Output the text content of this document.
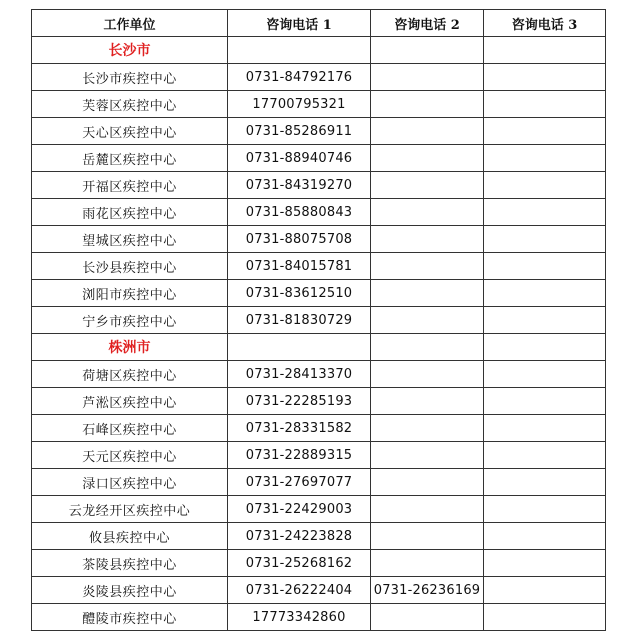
工作单位	咨询电话 1	咨询电话 2	咨询电话 3
长沙市			
长沙市疾控中心	0731-84792176		
芙蓉区疾控中心	17700795321		
天心区疾控中心	0731-85286911		
岳麓区疾控中心	0731-88940746		
开福区疾控中心	0731-84319270		
雨花区疾控中心	0731-85880843		
望城区疾控中心	0731-88075708		
长沙县疾控中心	0731-84015781		
浏阳市疾控中心	0731-83612510		
宁乡市疾控中心	0731-81830729		
株洲市			
荷塘区疾控中心	0731-28413370		
芦淞区疾控中心	0731-22285193		
石峰区疾控中心	0731-28331582		
天元区疾控中心	0731-22889315		
渌口区疾控中心	0731-27697077		
云龙经开区疾控中心	0731-22429003		
攸县疾控中心	0731-24223828		
茶陵县疾控中心	0731-25268162		
炎陵县疾控中心	0731-26222404	0731-26236169	
醴陵市疾控中心	17773342860		
